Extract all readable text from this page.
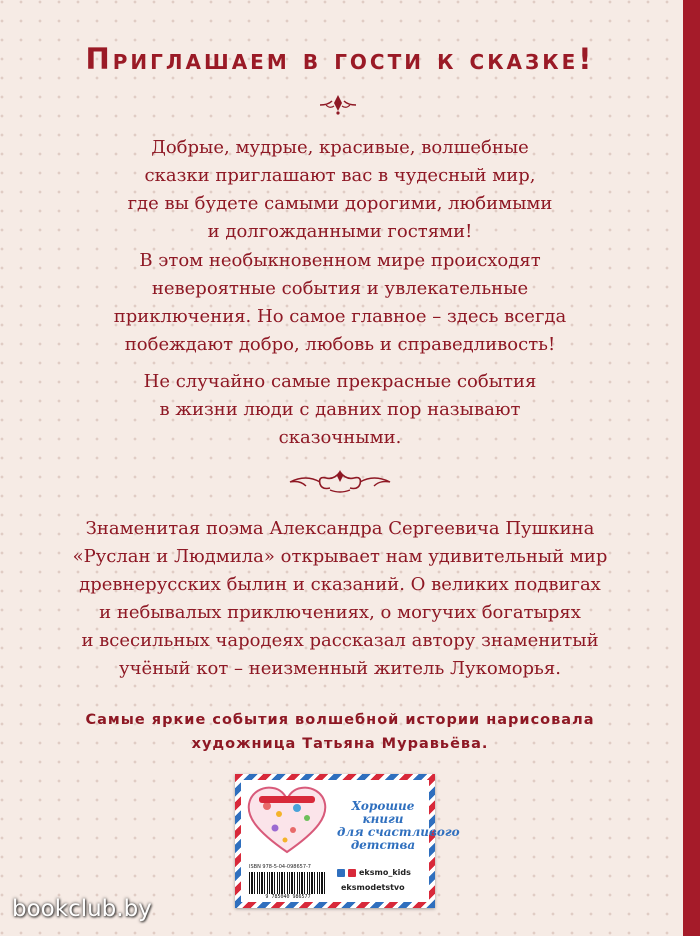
Приглашаем в гости к сказке!
Добрые, мудрые, красивые, волшебные
сказки приглашают вас в чудесный мир,
где вы будете самыми дорогими, любимыми
и долгожданными гостями!
В этом необыкновенном мире происходят
невероятные события и увлекательные
приключения. Но самое главное – здесь всегда
побеждают добро, любовь и справедливость!
Не случайно самые прекрасные события
в жизни люди с давних пор называют
сказочными.
Знаменитая поэма Александра Сергеевича Пушкина
«Руслан и Людмила» открывает нам удивительный мир
древнерусских былин и сказаний. О великих подвигах
и небывалых приключениях, о могучих богатырях
и всесильных чародеях рассказал автору знаменитый
учёный кот – неизменный житель Лукоморья.
Самые яркие события волшебной истории нарисовала
художница Татьяна Муравьёва.
Хорошие
книги
для счастливого
детства
ISBN 978-5-04-098657-7
9 785040 986577
eksmo_kids
eksmodetstvo
bookclub.by
